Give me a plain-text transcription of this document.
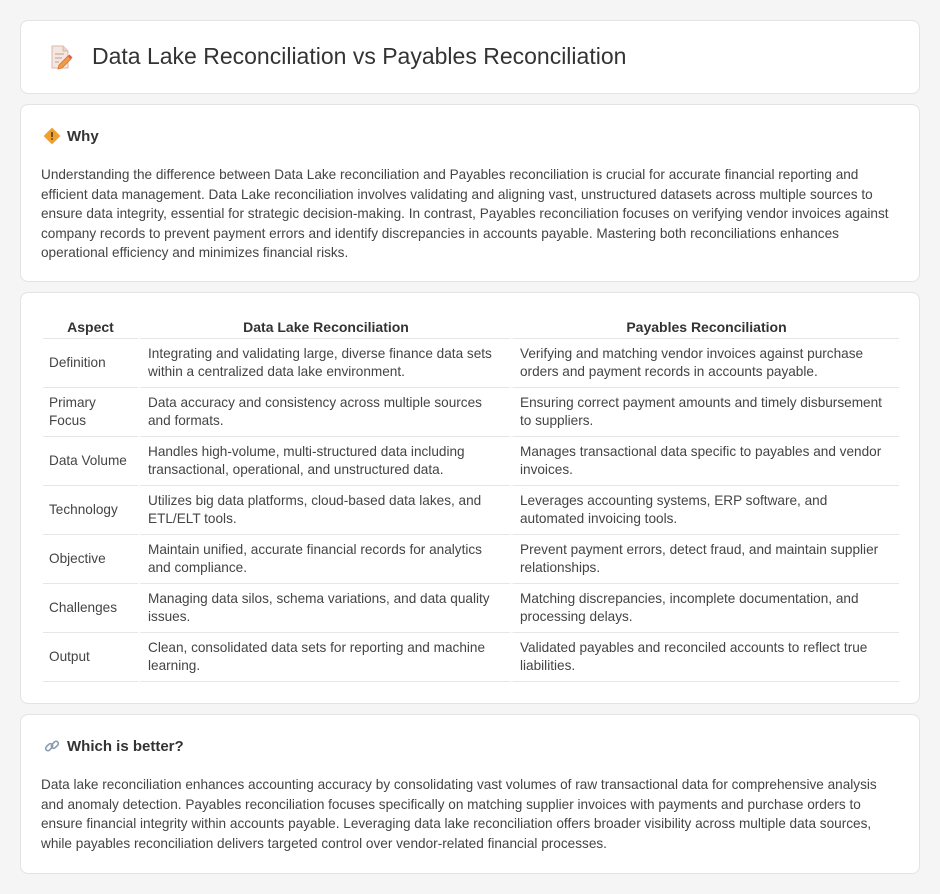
Data Lake Reconciliation vs Payables Reconciliation
Why

Understanding the difference between Data Lake reconciliation and Payables reconciliation is crucial for accurate financial reporting and efficient data management. Data Lake reconciliation involves validating and aligning vast, unstructured datasets across multiple sources to ensure data integrity, essential for strategic decision-making. In contrast, Payables reconciliation focuses on verifying vendor invoices against company records to prevent payment errors and identify discrepancies in accounts payable. Mastering both reconciliations enhances operational efficiency and minimizes financial risks.

Aspect	Data Lake Reconciliation	Payables Reconciliation
Definition	Integrating and validating large, diverse finance data sets within a centralized data lake environment.	Verifying and matching vendor invoices against purchase orders and payment records in accounts payable.
Primary Focus	Data accuracy and consistency across multiple sources and formats.	Ensuring correct payment amounts and timely disbursement to suppliers.
Data Volume	Handles high-volume, multi-structured data including transactional, operational, and unstructured data.	Manages transactional data specific to payables and vendor invoices.
Technology	Utilizes big data platforms, cloud-based data lakes, and ETL/ELT tools.	Leverages accounting systems, ERP software, and automated invoicing tools.
Objective	Maintain unified, accurate financial records for analytics and compliance.	Prevent payment errors, detect fraud, and maintain supplier relationships.
Challenges	Managing data silos, schema variations, and data quality issues.	Matching discrepancies, incomplete documentation, and processing delays.
Output	Clean, consolidated data sets for reporting and machine learning.	Validated payables and reconciled accounts to reflect true liabilities.
Which is better?

Data lake reconciliation enhances accounting accuracy by consolidating vast volumes of raw transactional data for comprehensive analysis and anomaly detection. Payables reconciliation focuses specifically on matching supplier invoices with payments and purchase orders to ensure financial integrity within accounts payable. Leveraging data lake reconciliation offers broader visibility across multiple data sources, while payables reconciliation delivers targeted control over vendor-related financial processes.
